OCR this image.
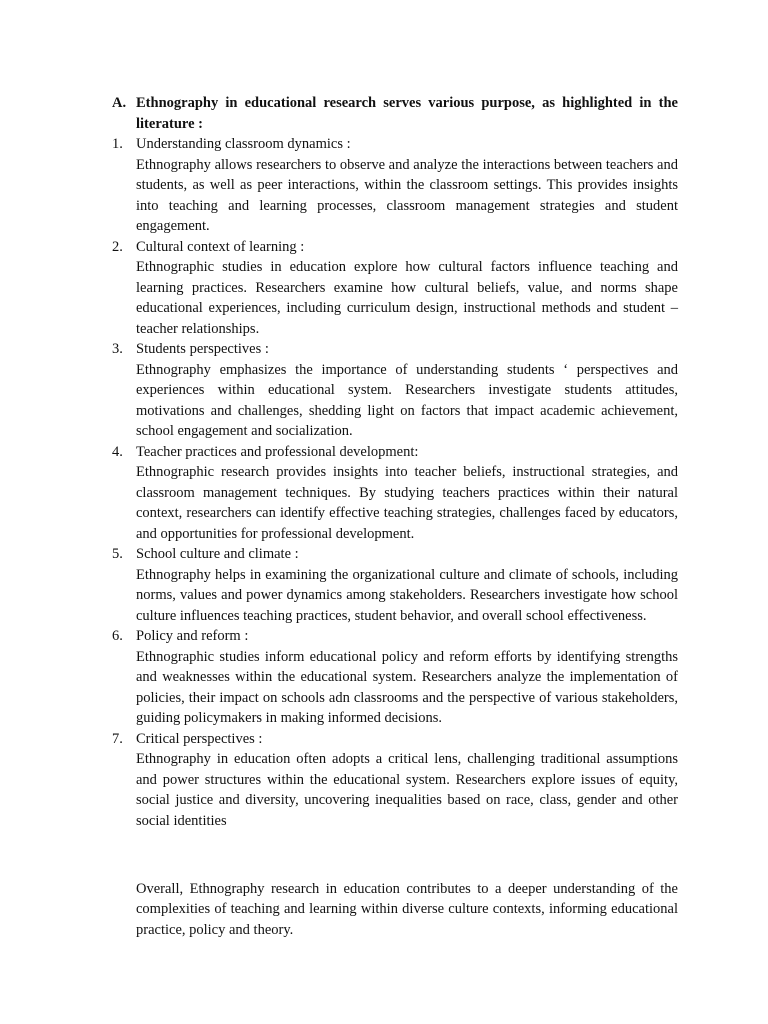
A. Ethnography in educational research serves various purpose, as highlighted in the literature :
1. Understanding classroom dynamics :
Ethnography allows researchers to observe and analyze the interactions between teachers and students, as well as peer interactions, within the classroom settings. This provides insights into teaching and learning processes, classroom management strategies and student engagement.
2. Cultural context of learning :
Ethnographic studies in education explore how cultural factors influence teaching and learning practices. Researchers examine how cultural beliefs, value, and norms shape educational experiences, including curriculum design, instructional methods and student – teacher relationships.
3. Students perspectives :
Ethnography emphasizes the importance of understanding students ‘ perspectives and experiences within educational system. Researchers investigate students attitudes, motivations and challenges, shedding light on factors that impact academic achievement, school engagement and socialization.
4. Teacher practices and professional development:
Ethnographic research provides insights into teacher beliefs, instructional strategies, and classroom management techniques. By studying teachers practices within their natural context, researchers can identify effective teaching strategies, challenges faced by educators, and opportunities for professional development.
5. School culture and climate :
Ethnography helps in examining the organizational culture and climate of schools, including norms, values and power dynamics among stakeholders. Researchers investigate how school culture influences teaching practices, student behavior, and overall school effectiveness.
6. Policy and reform :
Ethnographic studies inform educational policy and reform efforts by identifying strengths and weaknesses within the educational system. Researchers analyze the implementation of policies, their impact on schools adn classrooms and the perspective of various stakeholders, guiding policymakers in making informed decisions.
7. Critical perspectives :
Ethnography in education often adopts a critical lens, challenging traditional assumptions and power structures within the educational system. Researchers explore issues of equity, social justice and diversity, uncovering inequalities based on race, class, gender and other social identities

Overall, Ethnography research in education contributes to a deeper understanding of the complexities of teaching and learning within diverse culture contexts, informing educational practice, policy and theory.
